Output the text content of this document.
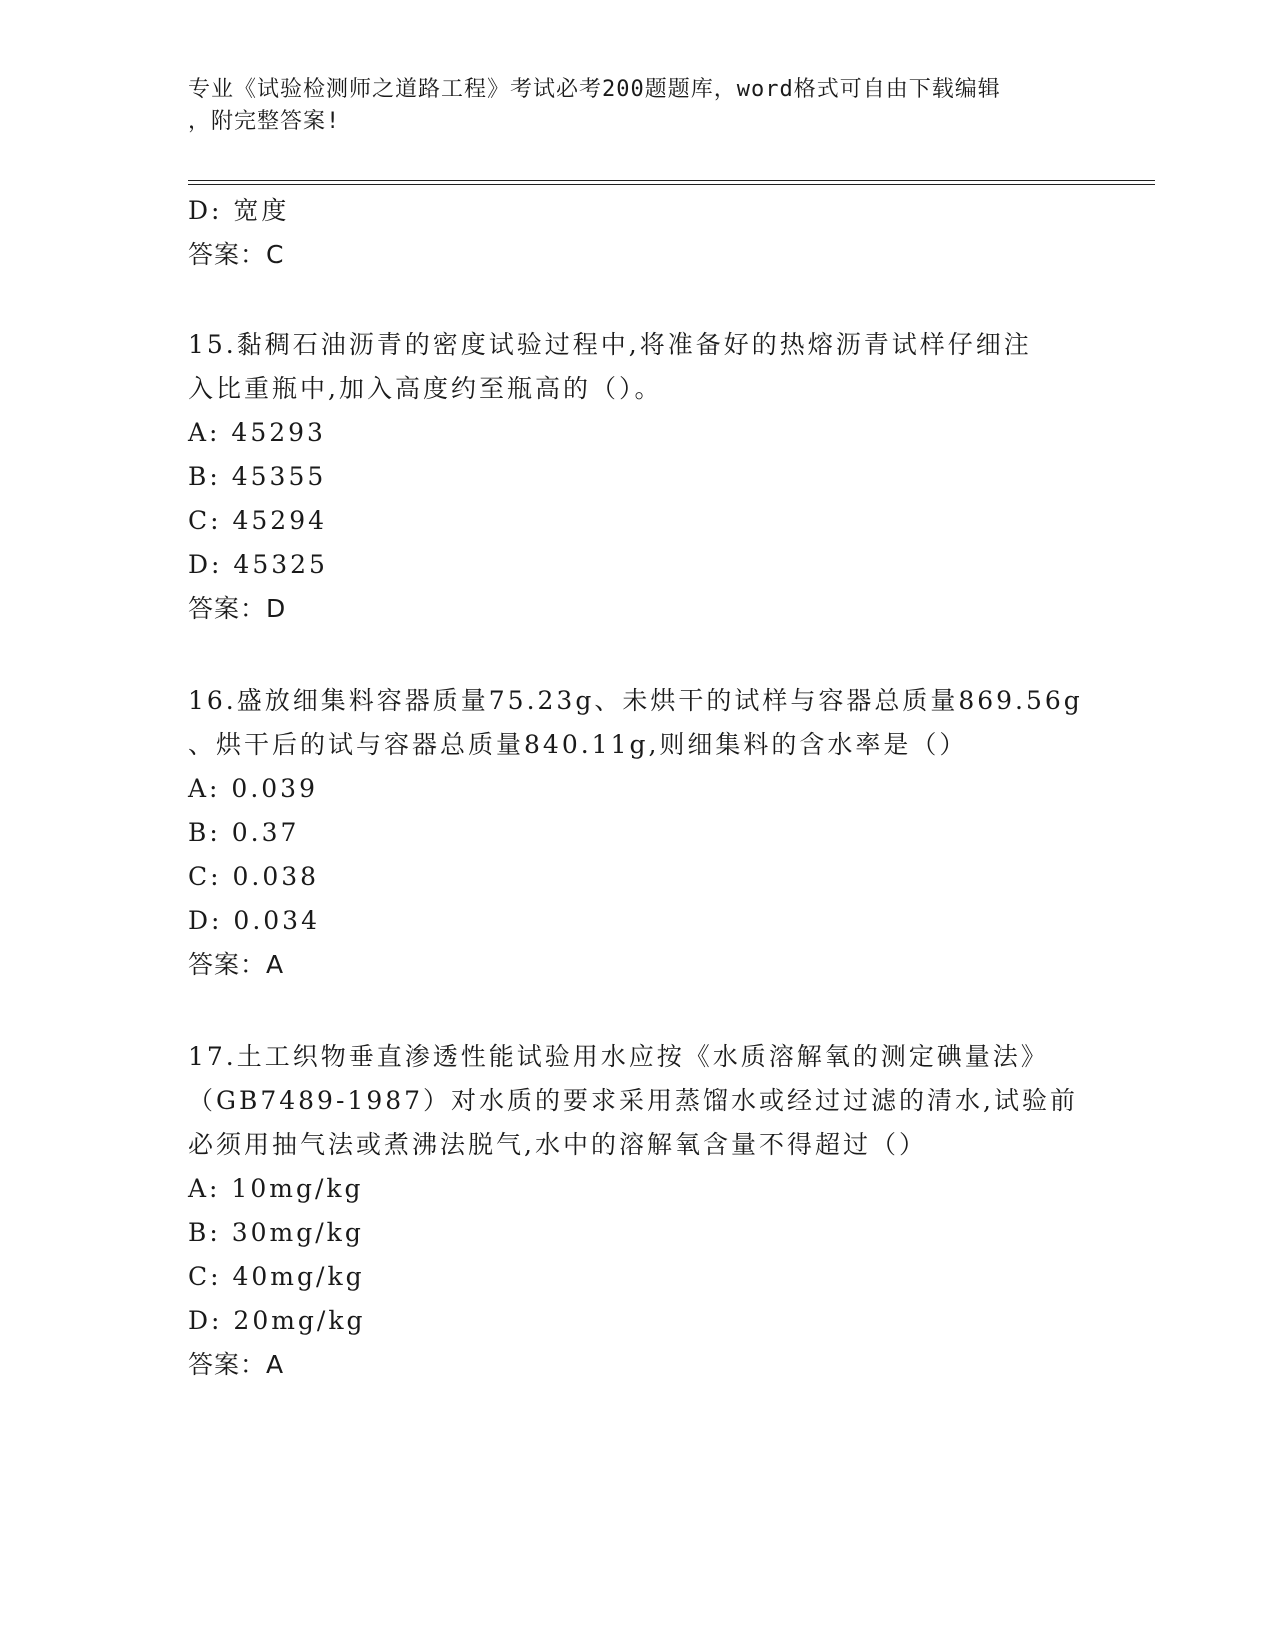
专业《试验检测师之道路工程》考试必考200题题库，word格式可自由下载编辑
，附完整答案!
D: 宽度
答案：C
15.黏稠石油沥青的密度试验过程中,将准备好的热熔沥青试样仔细注
入比重瓶中,加入高度约至瓶高的（）。
A: 45293
B: 45355
C: 45294
D: 45325
答案：D
16.盛放细集料容器质量75.23g、未烘干的试样与容器总质量869.56g
、烘干后的试与容器总质量840.11g,则细集料的含水率是（）
A: 0.039
B: 0.37
C: 0.038
D: 0.034
答案：A
17.土工织物垂直渗透性能试验用水应按《水质溶解氧的测定碘量法》
（GB7489-1987）对水质的要求采用蒸馏水或经过过滤的清水,试验前
必须用抽气法或煮沸法脱气,水中的溶解氧含量不得超过（）
A: 10mg/kg
B: 30mg/kg
C: 40mg/kg
D: 20mg/kg
答案：A
